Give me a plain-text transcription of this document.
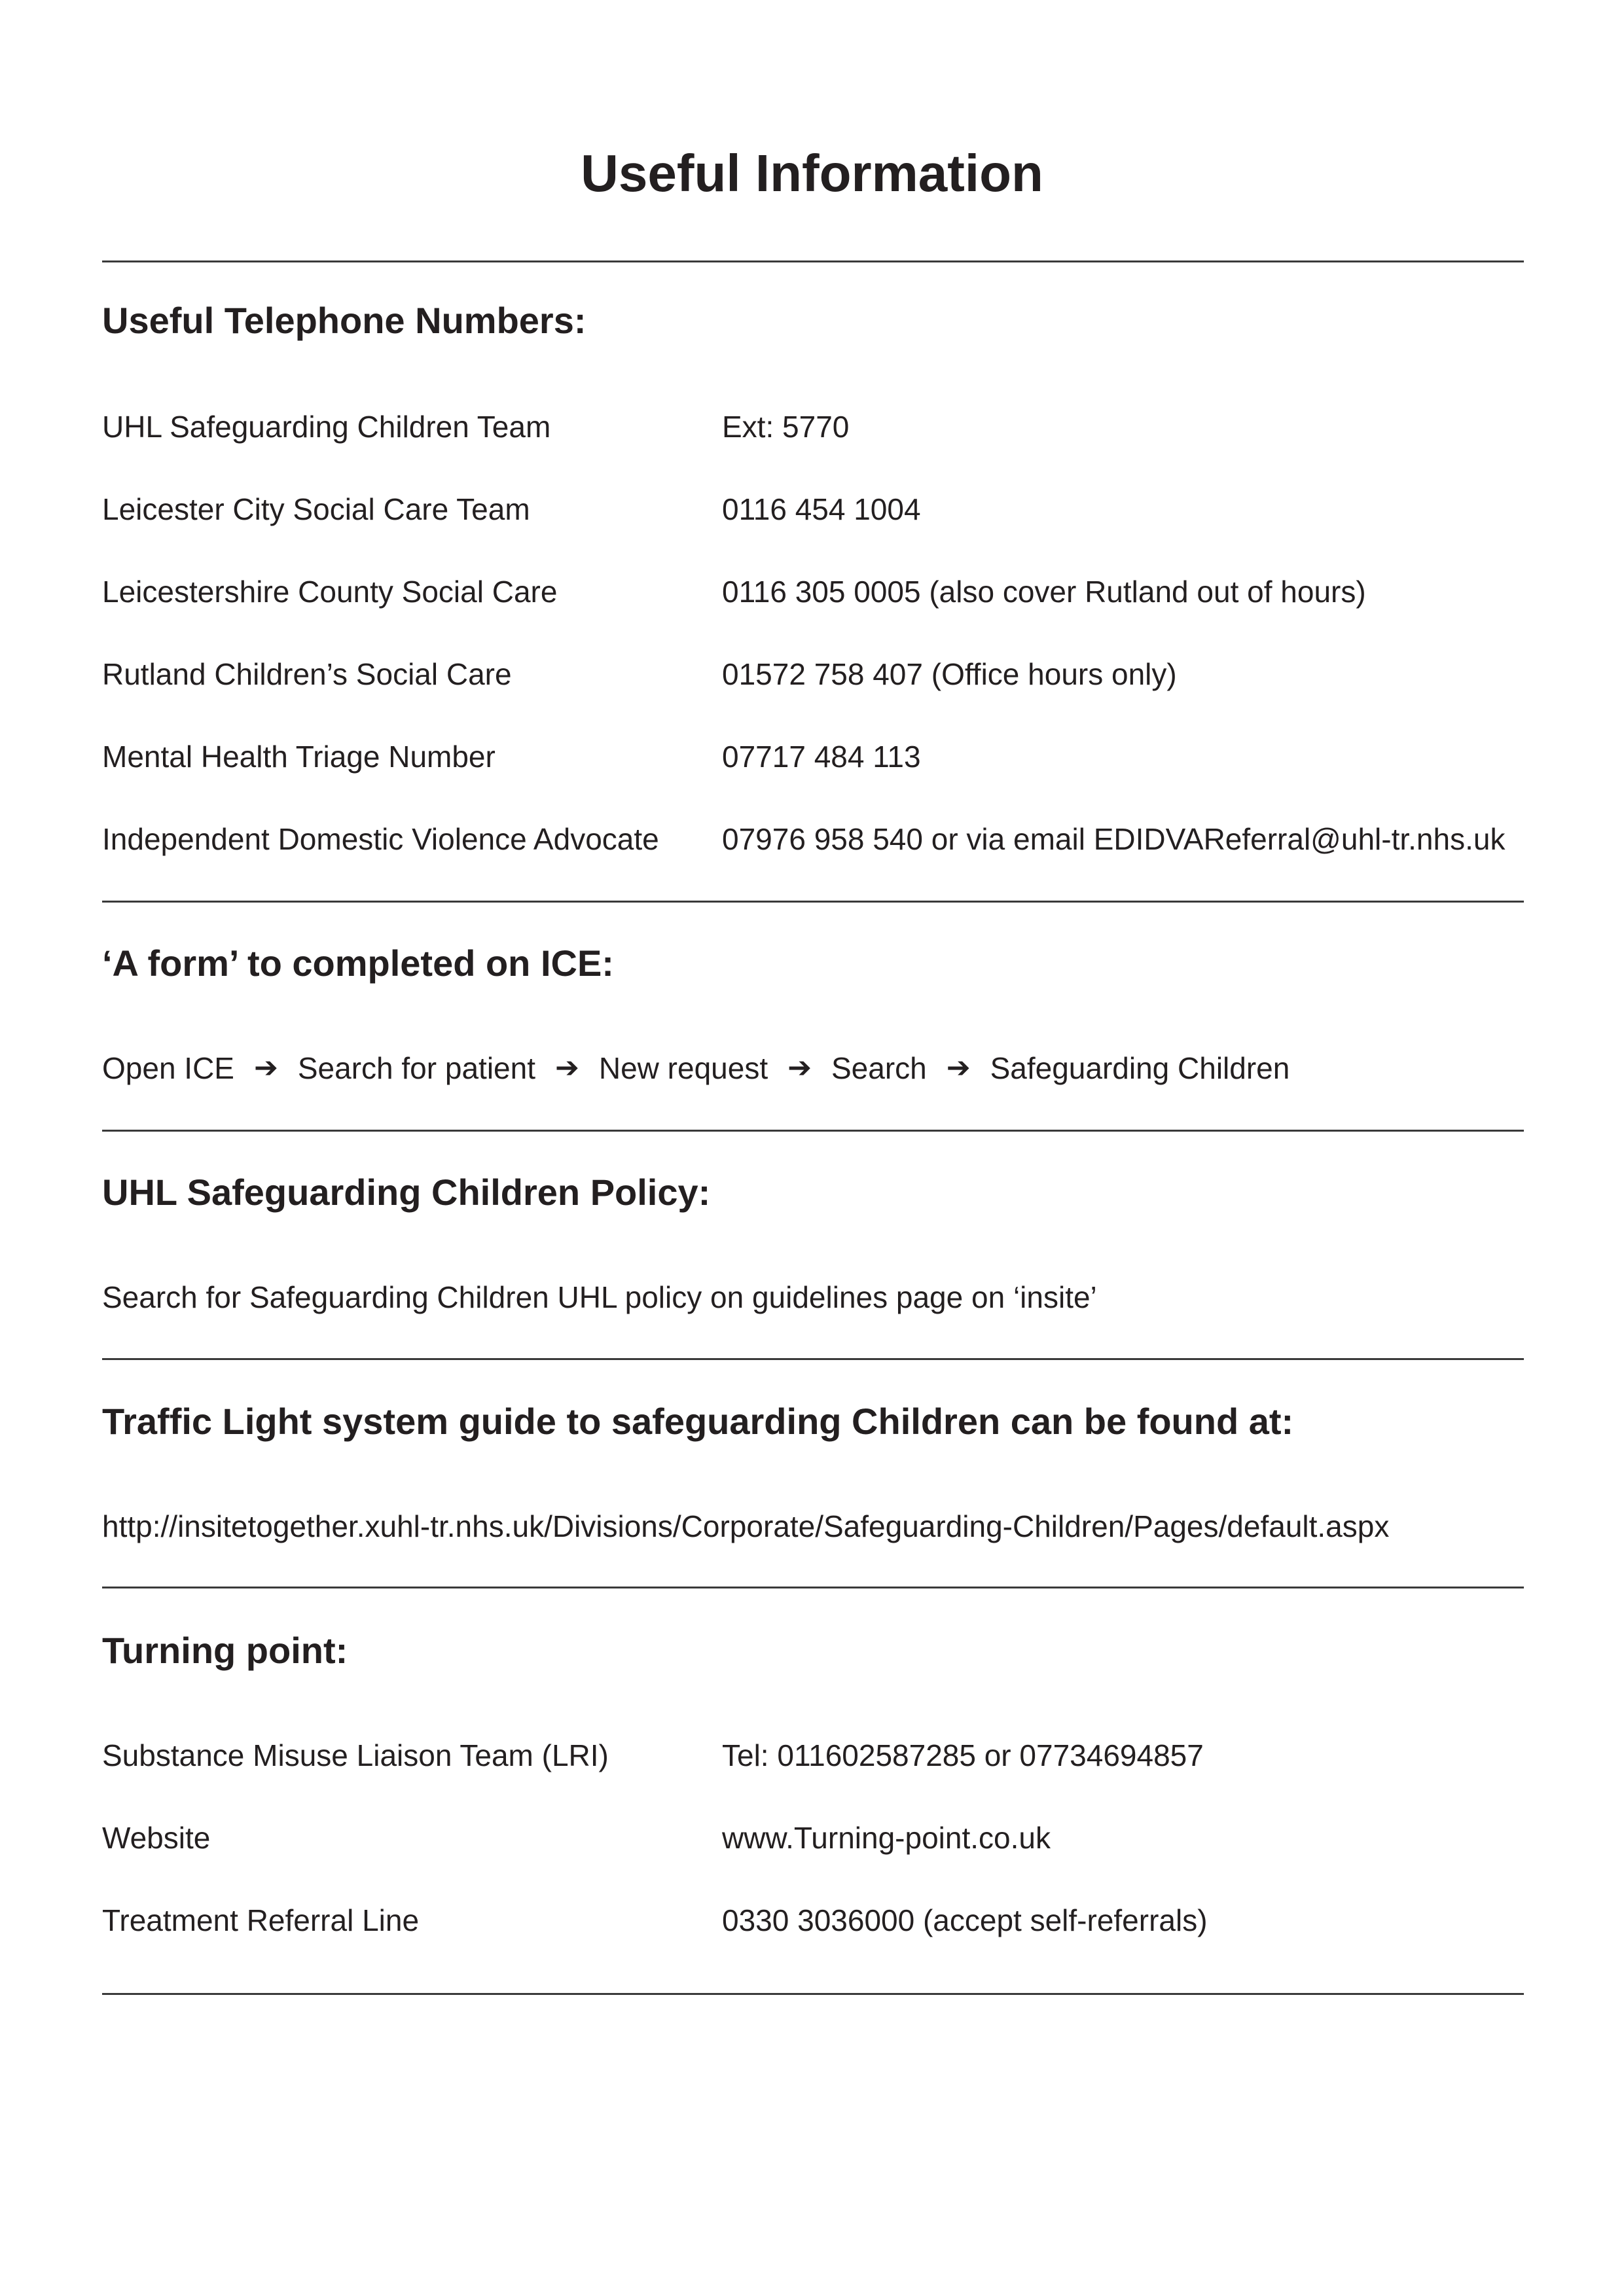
Useful Information
Useful Telephone Numbers:
UHL Safeguarding Children Team	Ext: 5770
Leicester City Social Care Team	0116 454 1004
Leicestershire County Social Care	0116 305 0005 (also cover Rutland out of hours)
Rutland Children’s Social Care	01572 758 407 (Office hours only)
Mental Health Triage Number	07717 484 113
Independent Domestic Violence Advocate 07976 958 540 or via email EDIDVAReferral@uhl-tr.nhs.uk
‘A form’ to completed on ICE:
Open ICE ➔ Search for patient ➔ New request ➔ Search ➔ Safeguarding Children
UHL Safeguarding Children Policy:
Search for Safeguarding Children UHL policy on guidelines page on ‘insite’
Traffic Light system guide to safeguarding Children can be found at:
http://insitetogether.xuhl-tr.nhs.uk/Divisions/Corporate/Safeguarding-Children/Pages/default.aspx
Turning point:
Substance Misuse Liaison Team (LRI)	Tel: 011602587285 or 07734694857
Website	www.Turning-point.co.uk
Treatment Referral Line	0330 3036000 (accept self-referrals)
